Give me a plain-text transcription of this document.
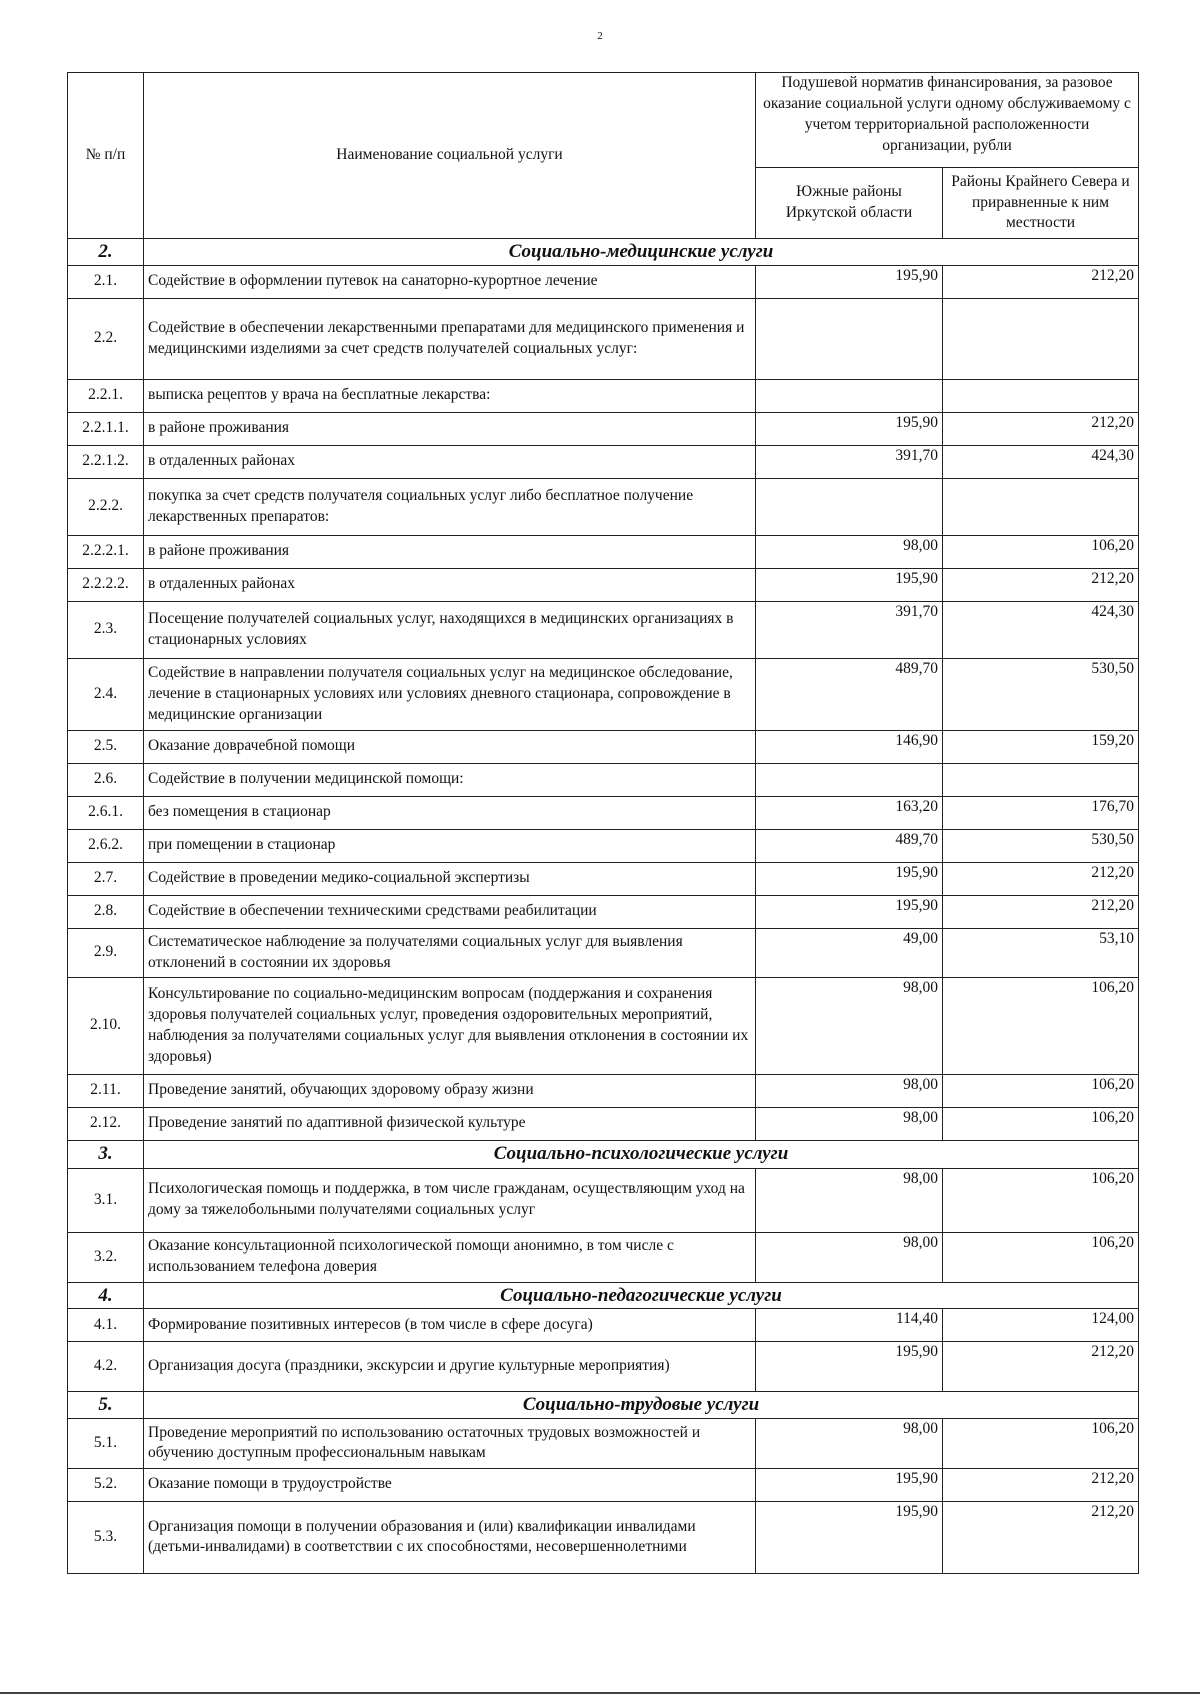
2
№ п/п	Наименование социальной услуги	Подушевой норматив финансирования, за разовое оказание социальной услуги одному обслуживаемому с учетом территориальной расположенности организации, рубли	
		Южные районы Иркутской области	Районы Крайнего Севера и приравненные к ним местности
2.	Социально-медицинские услуги		
2.1.	Содействие в оформлении путевок на санаторно-курортное лечение	195,90	212,20
2.2.	Содействие в обеспечении лекарственными препаратами для медицинского применения и медицинскими изделиями за счет средств получателей социальных услуг:		
2.2.1.	выписка рецептов у врача на бесплатные лекарства:		
2.2.1.1.	в районе проживания	195,90	212,20
2.2.1.2.	в отдаленных районах	391,70	424,30
2.2.2.	покупка за счет средств получателя социальных услуг либо бесплатное получение лекарственных препаратов:		
2.2.2.1.	в районе проживания	98,00	106,20
2.2.2.2.	в отдаленных районах	195,90	212,20
2.3.	Посещение получателей социальных услуг, находящихся в медицинских организациях в стационарных условиях	391,70	424,30
2.4.	Содействие в направлении получателя социальных услуг на медицинское обследование, лечение в стационарных условиях или условиях дневного стационара, сопровождение в медицинские организации	489,70	530,50
2.5.	Оказание доврачебной помощи	146,90	159,20
2.6.	Содействие в получении медицинской помощи:		
2.6.1.	без помещения в стационар	163,20	176,70
2.6.2.	при помещении в стационар	489,70	530,50
2.7.	Содействие в проведении медико-социальной экспертизы	195,90	212,20
2.8.	Содействие в обеспечении техническими средствами реабилитации	195,90	212,20
2.9.	Систематическое наблюдение за получателями социальных услуг для выявления отклонений в состоянии их здоровья	49,00	53,10
2.10.	Консультирование по социально-медицинским вопросам (поддержания и сохранения здоровья получателей социальных услуг, проведения оздоровительных мероприятий, наблюдения за получателями социальных услуг для выявления отклонения в состоянии их здоровья)	98,00	106,20
2.11.	Проведение занятий, обучающих здоровому образу жизни	98,00	106,20
2.12.	Проведение занятий по адаптивной физической культуре	98,00	106,20
3.	Социально-психологические услуги		
3.1.	Психологическая помощь и поддержка, в том числе гражданам, осуществляющим уход на дому за тяжелобольными получателями социальных услуг	98,00	106,20
3.2.	Оказание консультационной психологической помощи анонимно, в том числе с использованием телефона доверия	98,00	106,20
4.	Социально-педагогические услуги		
4.1.	Формирование позитивных интересов (в том числе в сфере досуга)	114,40	124,00
4.2.	Организация досуга (праздники, экскурсии и другие культурные мероприятия)	195,90	212,20
5.	Социально-трудовые услуги		
5.1.	Проведение мероприятий по использованию остаточных трудовых возможностей и обучению доступным профессиональным навыкам	98,00	106,20
5.2.	Оказание помощи в трудоустройстве	195,90	212,20
5.3.	Организация помощи в получении образования и (или) квалификации инвалидами (детьми-инвалидами) в соответствии с их способностями, несовершеннолетними	195,90	212,20
